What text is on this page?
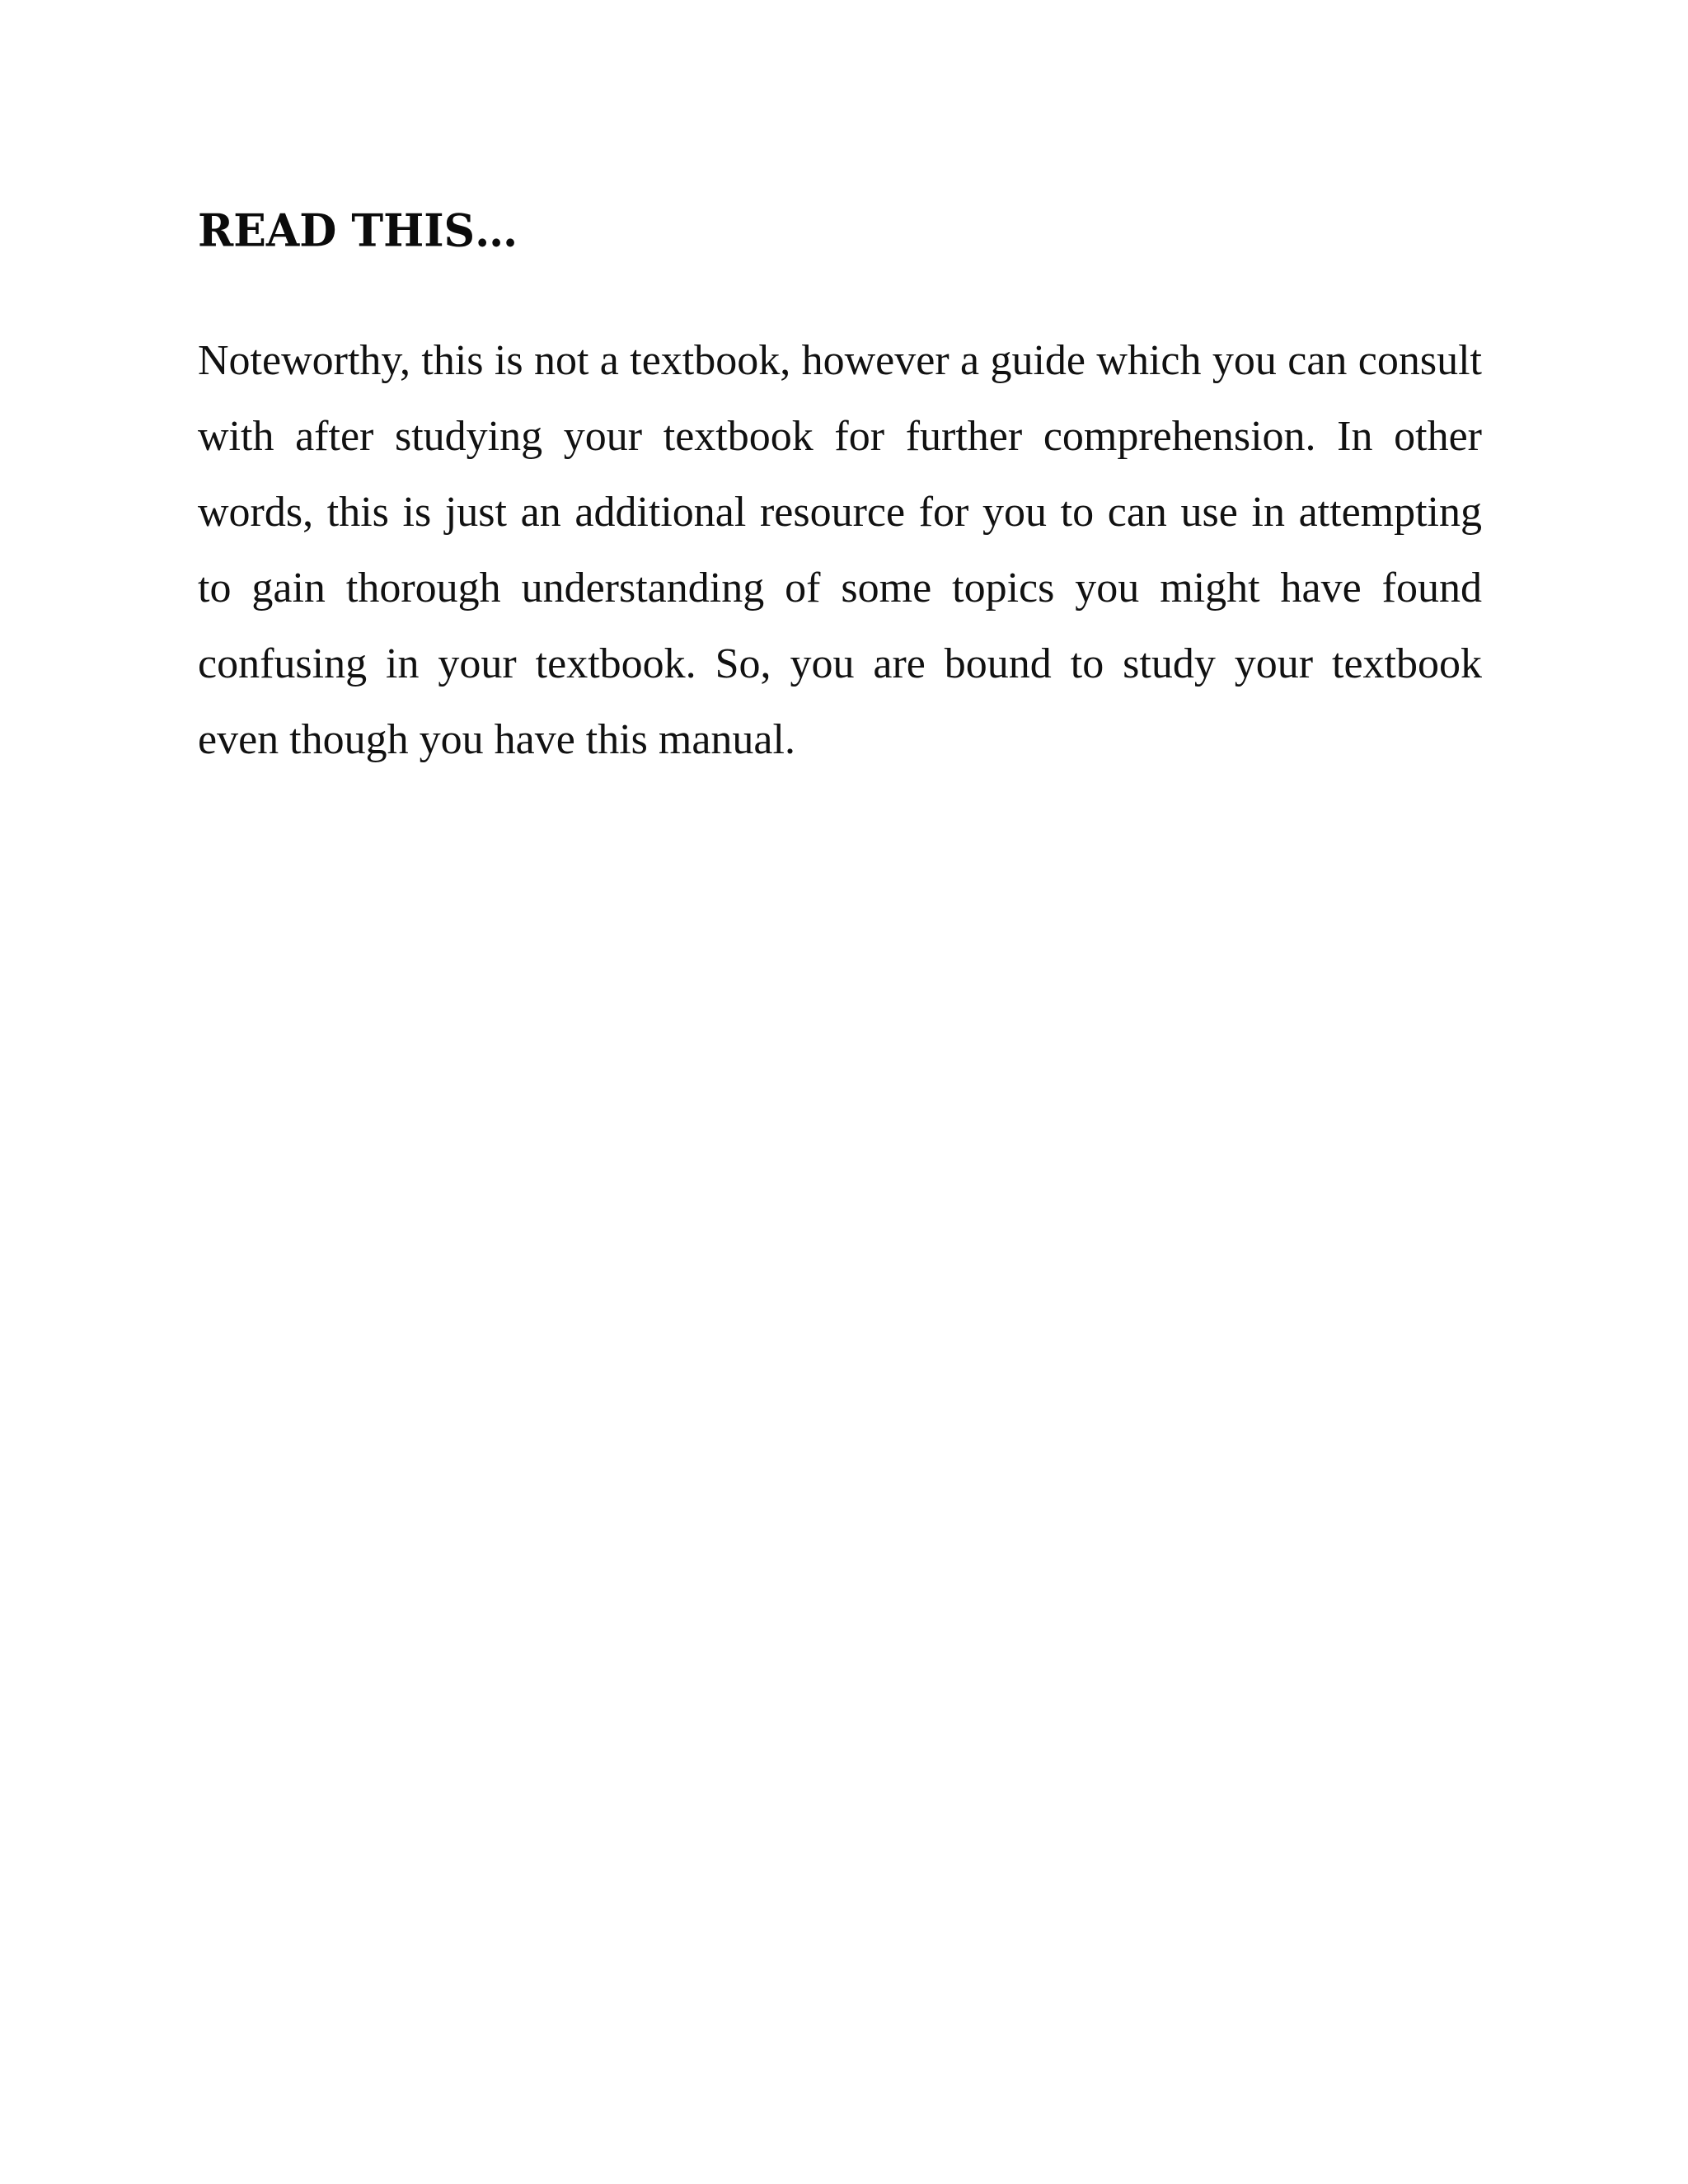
READ THIS…

Noteworthy, this is not a textbook, however a guide which you can consult with after studying your textbook for further comprehension. In other words, this is just an additional resource for you to can use in attempting to gain thorough understanding of some topics you might have found confusing in your textbook. So, you are bound to study your textbook even though you have this manual.
